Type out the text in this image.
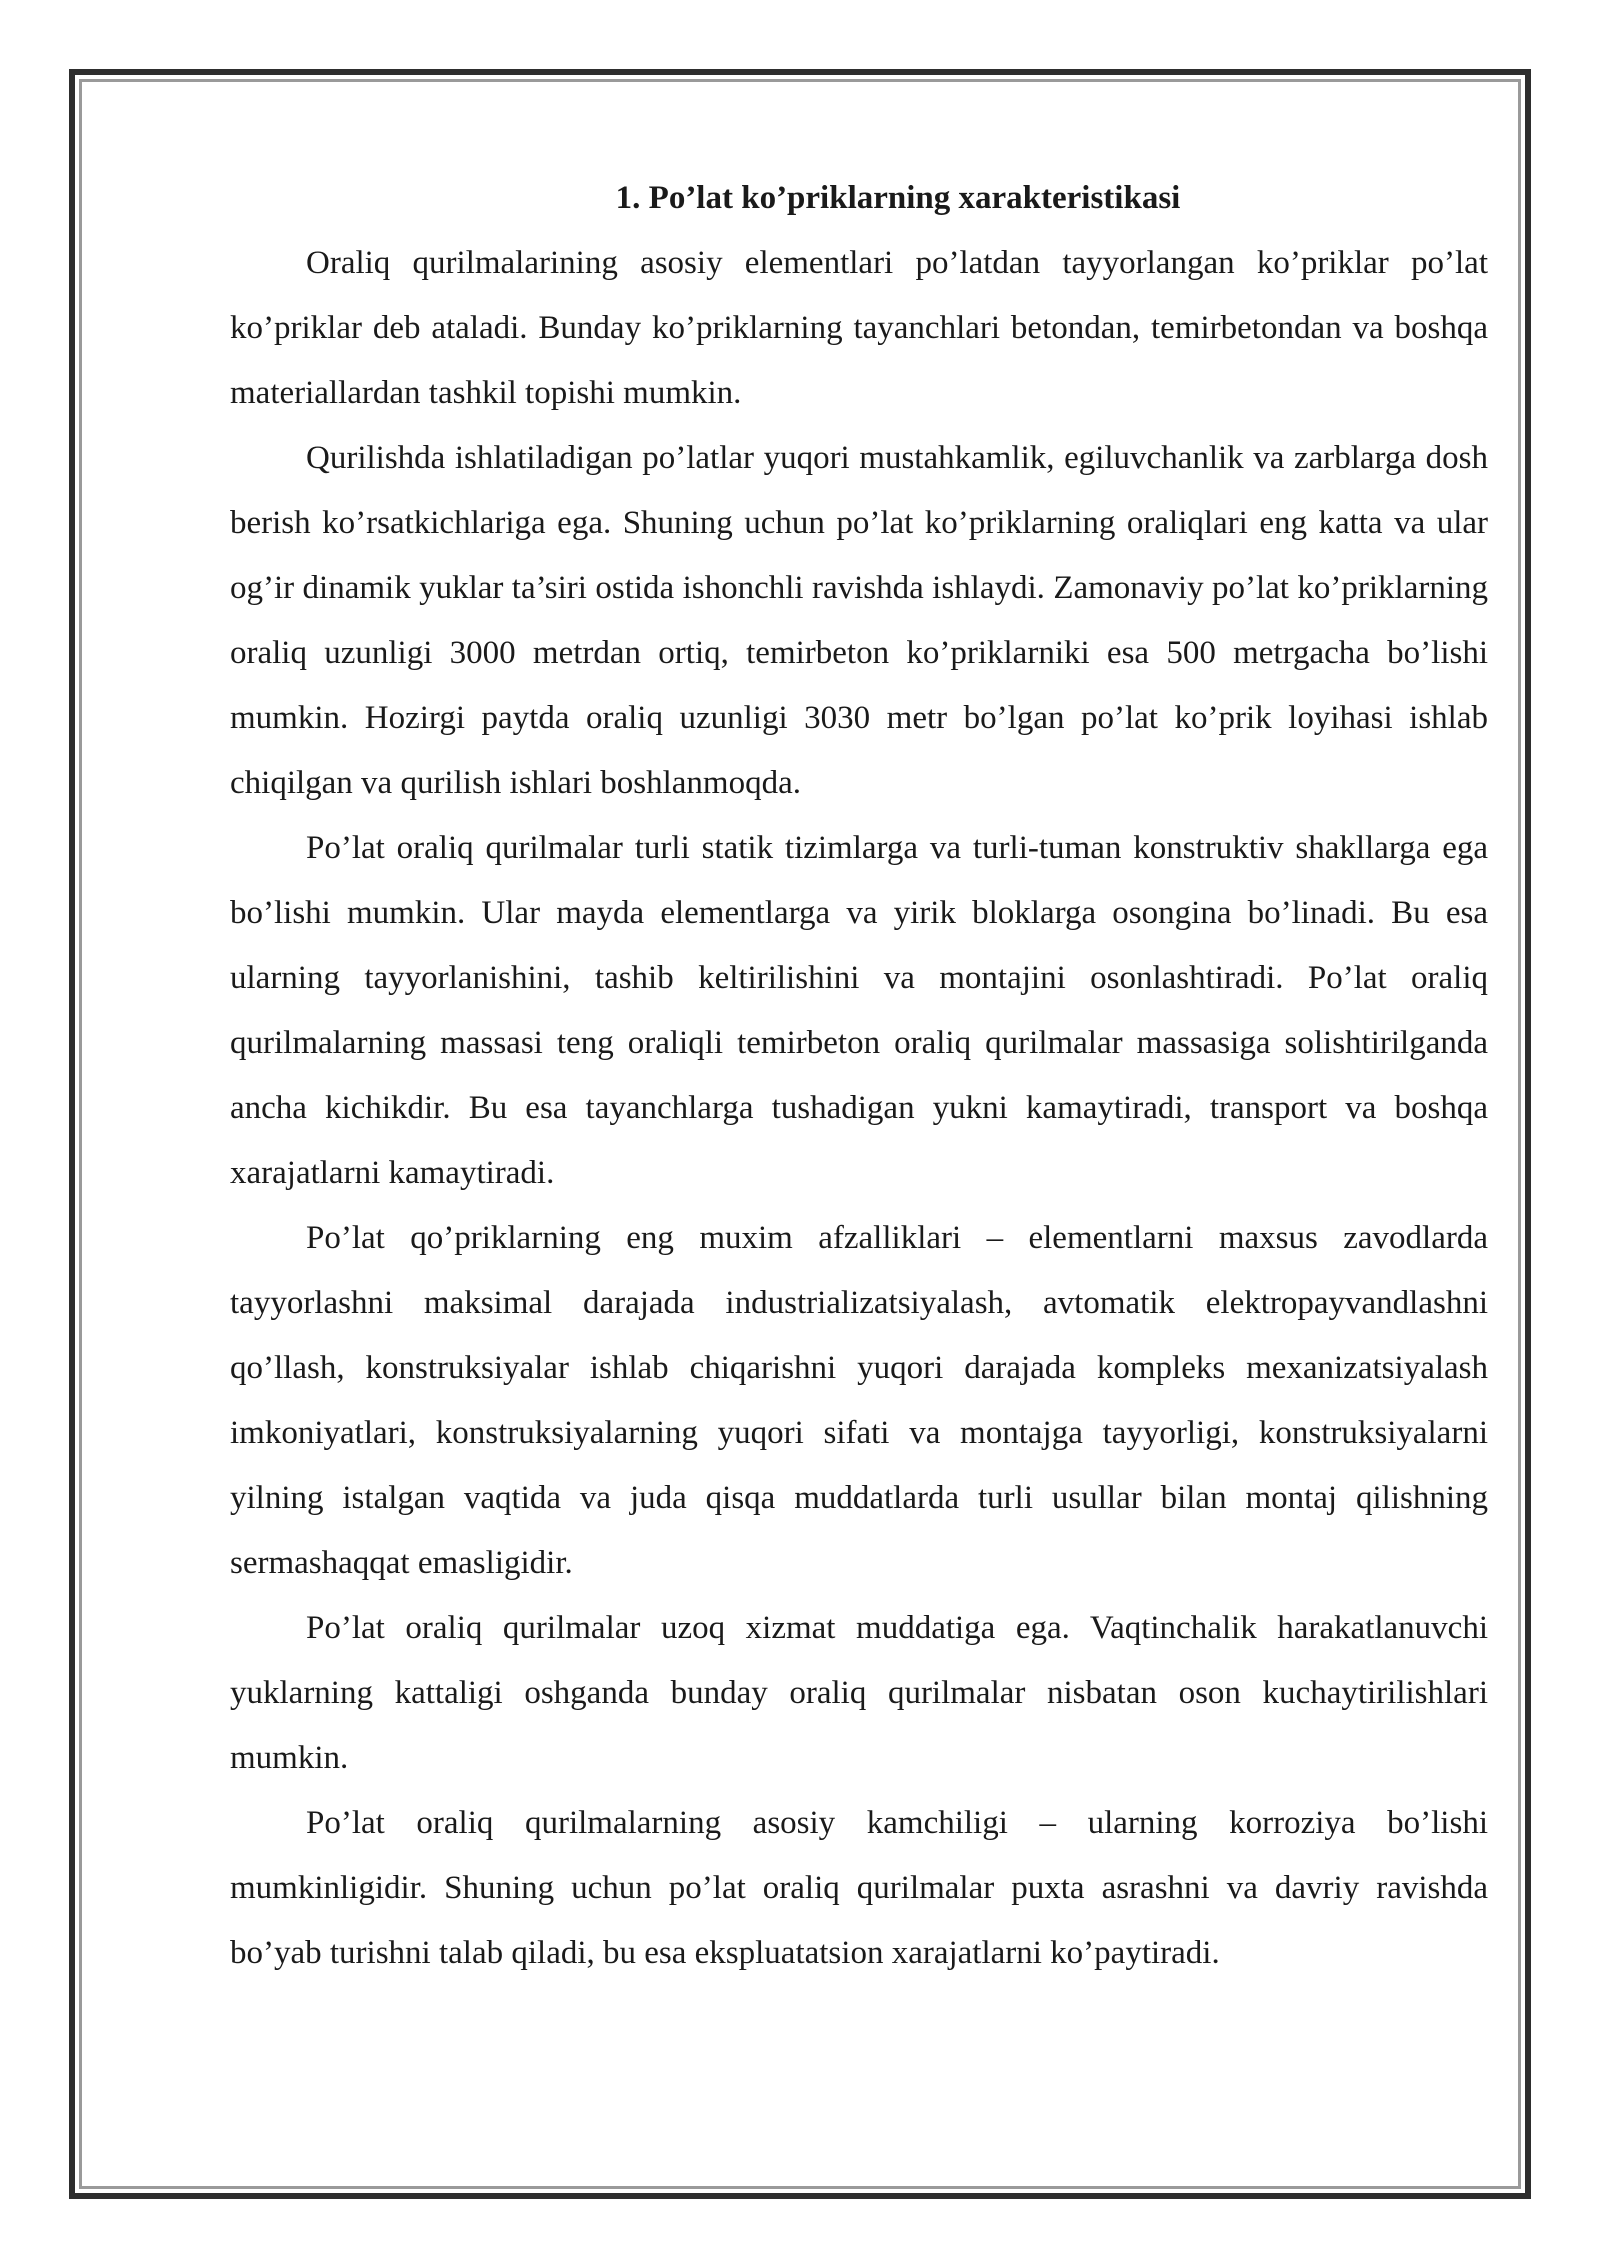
1. Po’lat ko’priklarning xarakteristikasi

Oraliq qurilmalarining asosiy elementlari po’latdan tayyorlangan ko’priklar po’lat ko’priklar deb ataladi. Bunday ko’priklarning tayanchlari betondan, temirbetondan va boshqa materiallardan tashkil topishi mumkin.

Qurilishda ishlatiladigan po’latlar yuqori mustahkamlik, egiluvchanlik va zarblarga dosh berish ko’rsatkichlariga ega. Shuning uchun po’lat ko’priklarning oraliqlari eng katta va ular og’ir dinamik yuklar ta’siri ostida ishonchli ravishda ishlaydi. Zamonaviy po’lat ko’priklarning oraliq uzunligi 3000 metrdan ortiq, temirbeton ko’priklarniki esa 500 metrgacha bo’lishi mumkin. Hozirgi paytda oraliq uzunligi 3030 metr bo’lgan po’lat ko’prik loyihasi ishlab chiqilgan va qurilish ishlari boshlanmoqda.

Po’lat oraliq qurilmalar turli statik tizimlarga va turli-tuman konstruktiv shakllarga ega bo’lishi mumkin. Ular mayda elementlarga va yirik bloklarga osongina bo’linadi. Bu esa ularning tayyorlanishini, tashib keltirilishini va montajini osonlashtiradi. Po’lat oraliq qurilmalarning massasi teng oraliqli temirbeton oraliq qurilmalar massasiga solishtirilganda ancha kichikdir. Bu esa tayanchlarga tushadigan yukni kamaytiradi, transport va boshqa xarajatlarni kamaytiradi.

Po’lat qo’priklarning eng muxim afzalliklari – elementlarni maxsus zavodlarda tayyorlashni maksimal darajada industrializatsiyalash, avtomatik elektropayvandlashni qo’llash, konstruksiyalar ishlab chiqarishni yuqori darajada kompleks mexanizatsiyalash imkoniyatlari, konstruksiyalarning yuqori sifati va montajga tayyorligi, konstruksiyalarni yilning istalgan vaqtida va juda qisqa muddatlarda turli usullar bilan montaj qilishning sermashaqqat emasligidir.

Po’lat oraliq qurilmalar uzoq xizmat muddatiga ega. Vaqtinchalik harakatlanuvchi yuklarning kattaligi oshganda bunday oraliq qurilmalar nisbatan oson kuchaytirilishlari mumkin.

Po’lat oraliq qurilmalarning asosiy kamchiligi – ularning korroziya bo’lishi mumkinligidir. Shuning uchun po’lat oraliq qurilmalar puxta asrashni va davriy ravishda bo’yab turishni talab qiladi, bu esa ekspluatatsion xarajatlarni ko’paytiradi.
